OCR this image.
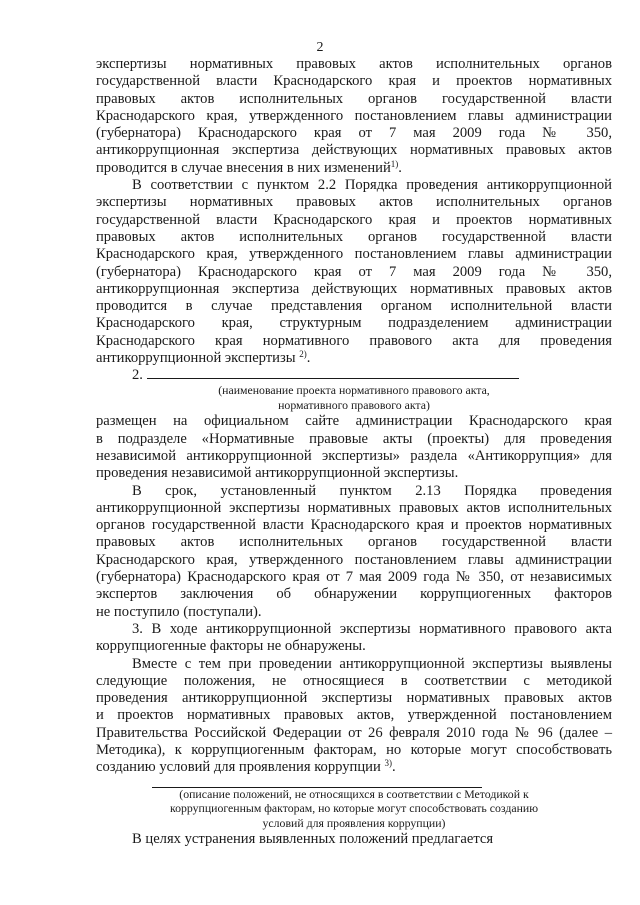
2
экспертизы нормативных правовых актов исполнительных органов
государственной власти Краснодарского края и проектов нормативных
правовых актов исполнительных органов государственной власти
Краснодарского края, утвержденного постановлением главы администрации
(губернатора) Краснодарского края от 7 мая 2009 года № 350,
антикоррупционная экспертиза действующих нормативных правовых актов
проводится в случае внесения в них изменений$^{1)}$.
В соответствии с пунктом 2.2 Порядка проведения антикоррупционной
экспертизы нормативных правовых актов исполнительных органов
государственной власти Краснодарского края и проектов нормативных
правовых актов исполнительных органов государственной власти
Краснодарского края, утвержденного постановлением главы администрации
(губернатора) Краснодарского края от 7 мая 2009 года № 350,
антикоррупционная экспертиза действующих нормативных правовых актов
проводится в случае представления органом исполнительной власти
Краснодарского края, структурным подразделением администрации
Краснодарского края нормативного правового акта для проведения
антикоррупционной экспертизы $^{2)}$.
2.
(наименование проекта нормативного правового акта,
нормативного правового акта)
размещен на официальном сайте администрации Краснодарского края
в подразделе «Нормативные правовые акты (проекты) для проведения
независимой антикоррупционной экспертизы» раздела «Антикоррупция» для
проведения независимой антикоррупционной экспертизы.
В срок, установленный пунктом 2.13 Порядка проведения
антикоррупционной экспертизы нормативных правовых актов исполнительных
органов государственной власти Краснодарского края и проектов нормативных
правовых актов исполнительных органов государственной власти
Краснодарского края, утвержденного постановлением главы администрации
(губернатора) Краснодарского края от 7 мая 2009 года № 350, от независимых
экспертов заключения об обнаружении коррупциогенных факторов
не поступило (поступали).
3. В ходе антикоррупционной экспертизы нормативного правового акта
коррупциогенные факторы не обнаружены.
Вместе с тем при проведении антикоррупционной экспертизы выявлены
следующие положения, не относящиеся в соответствии с методикой
проведения антикоррупционной экспертизы нормативных правовых актов
и проектов нормативных правовых актов, утвержденной постановлением
Правительства Российской Федерации от 26 февраля 2010 года № 96 (далее –
Методика), к коррупциогенным факторам, но которые могут способствовать
созданию условий для проявления коррупции $^{3)}$.
(описание положений, не относящихся в соответствии с Методикой к
коррупциогенным факторам, но которые могут способствовать созданию
условий для проявления коррупции)
В целях устранения выявленных положений предлагается
